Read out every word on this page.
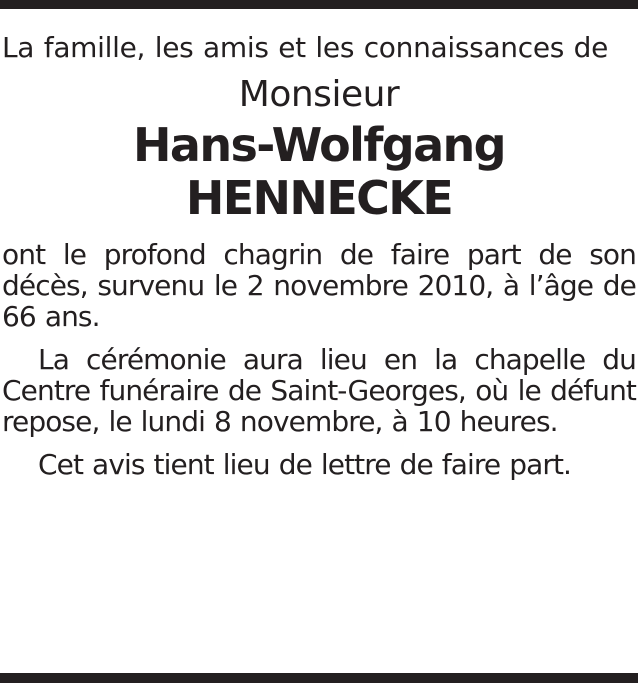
La famille, les amis et les connaissances de

Monsieur

Hans-Wolfgang

HENNECKE

ont le profond chagrin de faire part de son décès, survenu le 2 novembre 2010, à l’âge de 66 ans.

La cérémonie aura lieu en la chapelle du Centre funéraire de Saint-Georges, où le défunt repose, le lundi 8 novembre, à 10 heures.

Cet avis tient lieu de lettre de faire part.
